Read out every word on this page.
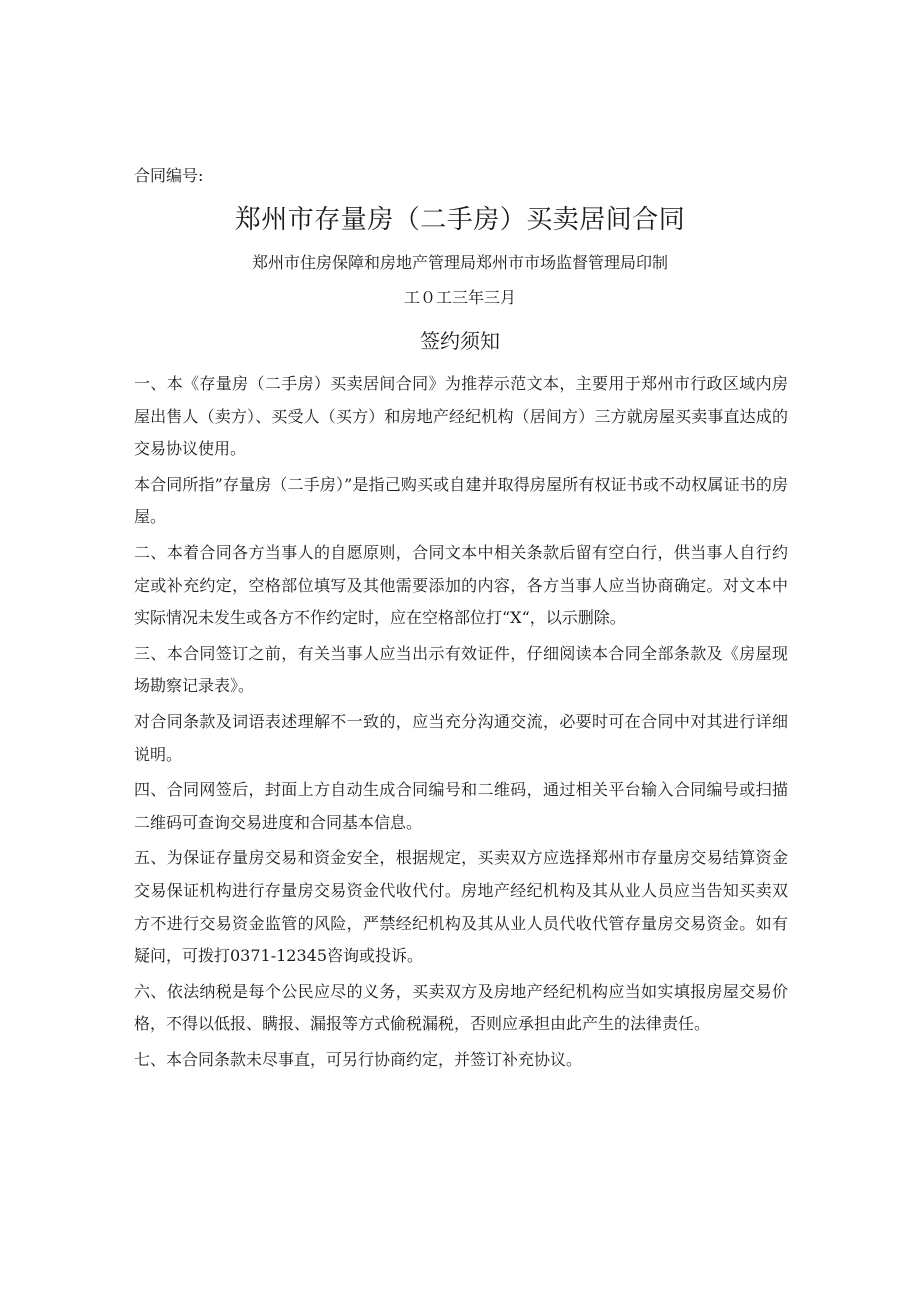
合同编号:
郑州市存量房（二手房）买卖居间合同
郑州市住房保障和房地产管理局郑州市市场监督管理局印制
工０工三年三月
签约须知

一、本《存量房（二手房）买卖居间合同》为推荐示范文本，主要用于郑州市行政区域内房屋出售人（卖方）、买受人（买方）和房地产经纪机构（居间方）三方就房屋买卖事直达成的交易协议使用。

本合同所指”存量房（二手房）”是指己购买或自建并取得房屋所有权证书或不动权属证书的房屋。

二、本着合同各方当事人的自愿原则，合同文本中相关条款后留有空白行，供当事人自行约定或补充约定，空格部位填写及其他需要添加的内容，各方当事人应当协商确定。对文本中实际情况未发生或各方不作约定时，应在空格部位打“X“，以示删除。

三、本合同签订之前，有关当事人应当出示有效证件，仔细阅读本合同全部条款及《房屋现场勘察记录表》。

对合同条款及词语表述理解不一致的，应当充分沟通交流，必要时可在合同中对其进行详细说明。

四、合同网签后，封面上方自动生成合同编号和二维码，通过相关平台输入合同编号或扫描二维码可查询交易进度和合同基本信息。

五、为保证存量房交易和资金安全，根据规定，买卖双方应选择郑州市存量房交易结算资金交易保证机构进行存量房交易资金代收代付。房地产经纪机构及其从业人员应当告知买卖双方不进行交易资金监管的风险，严禁经纪机构及其从业人员代收代管存量房交易资金。如有疑问，可拨打0371-12345咨询或投诉。

六、依法纳税是每个公民应尽的义务，买卖双方及房地产经纪机构应当如实填报房屋交易价格，不得以低报、瞒报、漏报等方式偷税漏税，否则应承担由此产生的法律责任。

七、本合同条款未尽事直，可另行协商约定，并签订补充协议。
